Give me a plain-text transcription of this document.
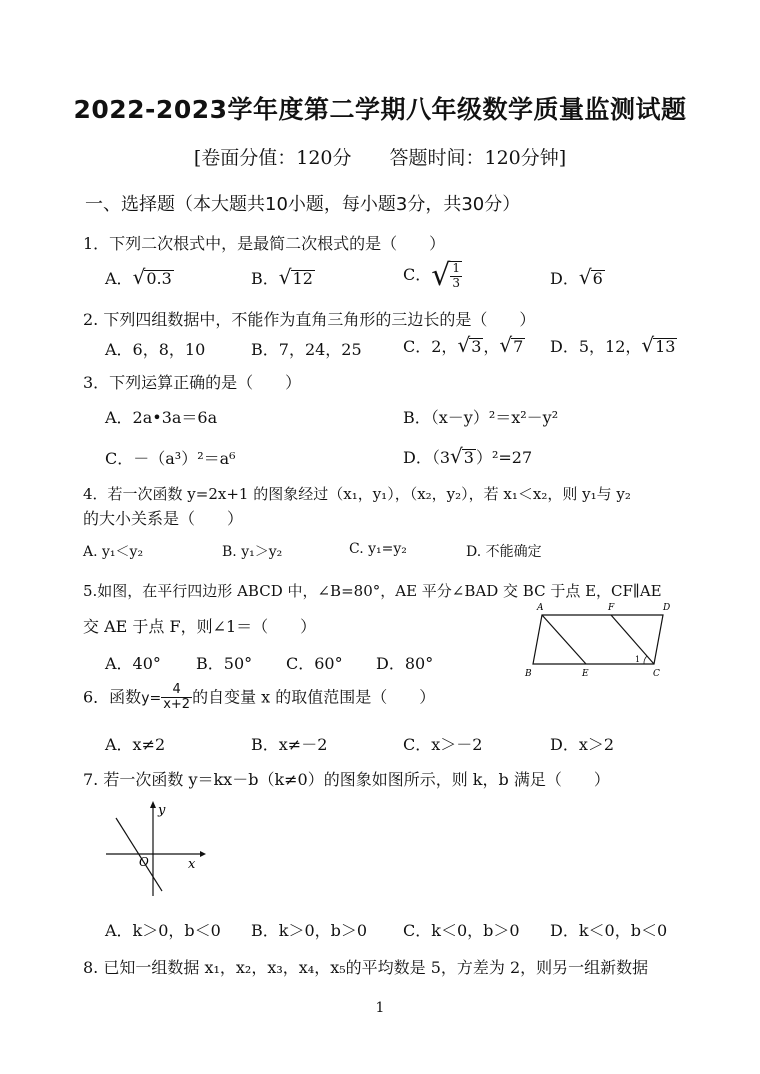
2022-2023学年度第二学期八年级数学质量监测试题
[卷面分值：120分　　答题时间：120分钟]
一、选择题（本大题共10小题，每小题3分，共30分）
1．下列二次根式中，是最简二次根式的是（　　）
A．√0.3	B．√12	C．√ $\frac{1}{3}$	D．√6
2. 下列四组数据中，不能作为直角三角形的三边长的是（　　）
A．6，8，10	B．7，24，25	C．2，√3 ，√7 D．5，12，√13
3．下列运算正确的是（　　）
A．2a•3a＝6a	B．（x－y）²＝x²－y²
C．－（a³）²＝a⁶	D．（3√3 ）²=27
4．若一次函数 y=2x+1 的图象经过（x₁，y₁），（x₂，y₂），若 x₁＜x₂，则 y₁与 y₂
的大小关系是（　　）
A. y₁＜y₂	B. y₁＞y₂	C. y₁=y₂	D. 不能确定
5.如图，在平行四边形 ABCD 中，∠B=80°，AE 平分∠BAD 交 BC 于点 E，CF∥AE
交 AE 于点 F，则∠1＝（　　）
A．40° B．50° C．60° D．80°
A	F	D
B	E	C
1
6．函数$y= \frac{4}{x+2}$ 的自变量 x 的取值范围是（　　）
A．x≠2	B．x≠－2	C．x＞－2	D．x＞2
7. 若一次函数 y＝kx－b（k≠0）的图象如图所示，则 k，b 满足（　　）
y
x
O
A．k＞0，b＜0 B．k＞0，b＞0 C．k＜0，b＞0 D．k＜0，b＜0
8. 已知一组数据 x₁，x₂，x₃，x₄，x₅的平均数是 5，方差为 2，则另一组新数据
1
